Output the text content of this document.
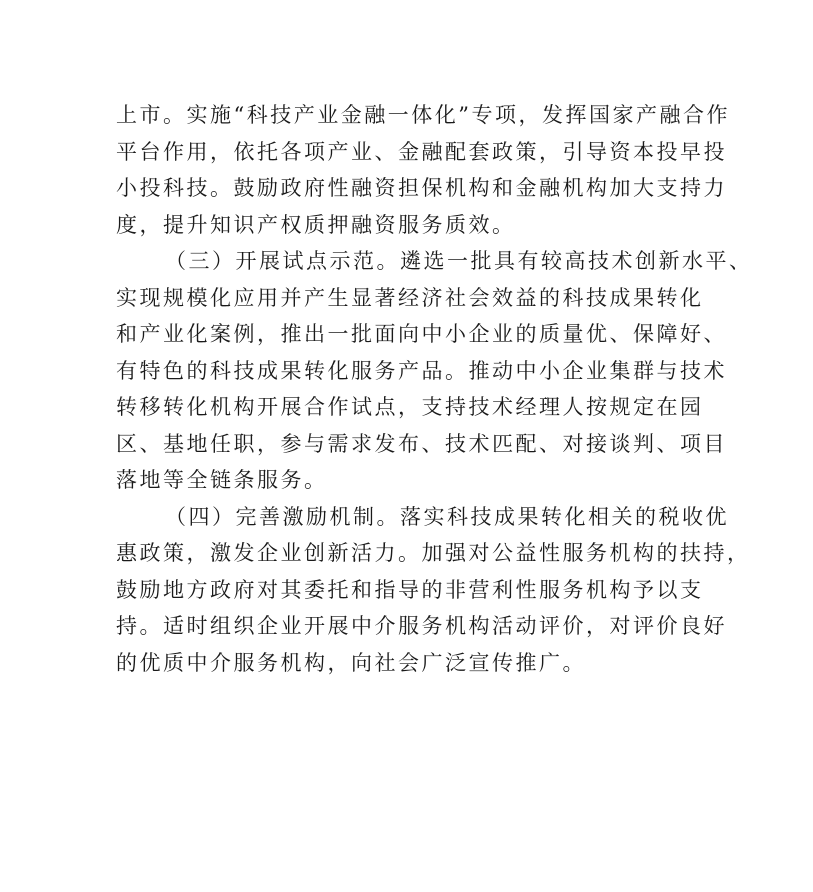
上市。实施“科技产业金融一体化”专项，发挥国家产融合作
平台作用，依托各项产业、金融配套政策，引导资本投早投
小投科技。鼓励政府性融资担保机构和金融机构加大支持力
度，提升知识产权质押融资服务质效。
（三）开展试点示范。遴选一批具有较高技术创新水平、
实现规模化应用并产生显著经济社会效益的科技成果转化
和产业化案例，推出一批面向中小企业的质量优、保障好、
有特色的科技成果转化服务产品。推动中小企业集群与技术
转移转化机构开展合作试点，支持技术经理人按规定在园
区、基地任职，参与需求发布、技术匹配、对接谈判、项目
落地等全链条服务。
（四）完善激励机制。落实科技成果转化相关的税收优
惠政策，激发企业创新活力。加强对公益性服务机构的扶持，
鼓励地方政府对其委托和指导的非营利性服务机构予以支
持。适时组织企业开展中介服务机构活动评价，对评价良好
的优质中介服务机构，向社会广泛宣传推广。
